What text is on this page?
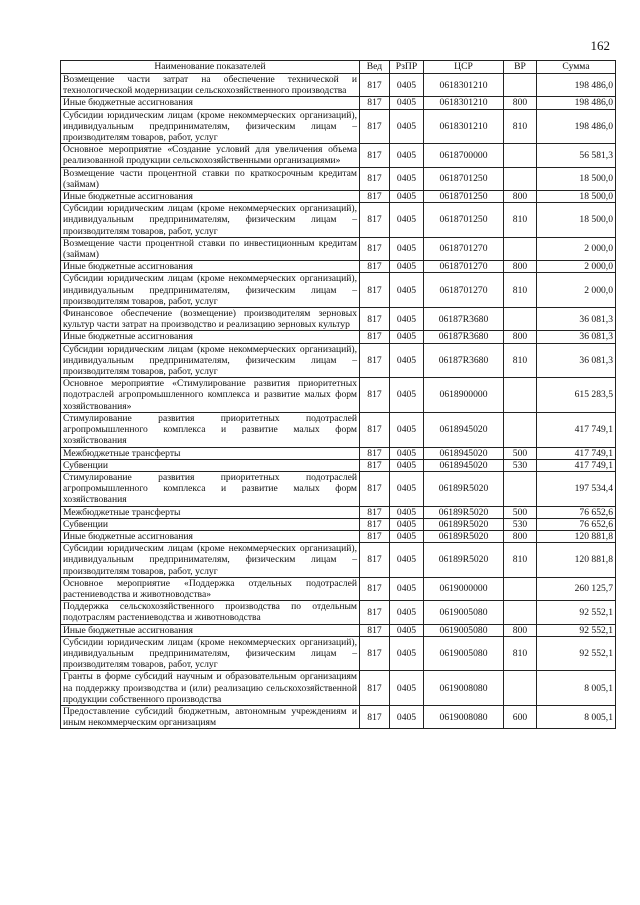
162
Наименование показателей	Вед	РзПР	ЦСР	ВР	Сумма
Возмещение части затрат на обеспечение технической и технологической модернизации сельскохозяйственного производства	817	0405	0618301210		198 486,0
Иные бюджетные ассигнования	817	0405	0618301210	800	198 486,0
Субсидии юридическим лицам (кроме некоммерческих организаций), индивидуальным предпринимателям, физическим лицам – производителям товаров, работ, услуг	817	0405	0618301210	810	198 486,0
Основное мероприятие «Создание условий для увеличения объема реализованной продукции сельскохозяйственными организациями»	817	0405	0618700000		56 581,3
Возмещение части процентной ставки по краткосрочным кредитам (займам)	817	0405	0618701250		18 500,0
Иные бюджетные ассигнования	817	0405	0618701250	800	18 500,0
Субсидии юридическим лицам (кроме некоммерческих организаций), индивидуальным предпринимателям, физическим лицам – производителям товаров, работ, услуг	817	0405	0618701250	810	18 500,0
Возмещение части процентной ставки по инвестиционным кредитам (займам)	817	0405	0618701270		2 000,0
Иные бюджетные ассигнования	817	0405	0618701270	800	2 000,0
Субсидии юридическим лицам (кроме некоммерческих организаций), индивидуальным предпринимателям, физическим лицам – производителям товаров, работ, услуг	817	0405	0618701270	810	2 000,0
Финансовое обеспечение (возмещение) производителям зерновых культур части затрат на производство и реализацию зерновых культур	817	0405	06187R3680		36 081,3
Иные бюджетные ассигнования	817	0405	06187R3680	800	36 081,3
Субсидии юридическим лицам (кроме некоммерческих организаций), индивидуальным предпринимателям, физическим лицам – производителям товаров, работ, услуг	817	0405	06187R3680	810	36 081,3
Основное мероприятие «Стимулирование развития приоритетных подотраслей агропромышленного комплекса и развитие малых форм хозяйствования»	817	0405	0618900000		615 283,5
Стимулирование развития приоритетных подотраслей агропромышленного комплекса и развитие малых форм хозяйствования	817	0405	0618945020		417 749,1
Межбюджетные трансферты	817	0405	0618945020	500	417 749,1
Субвенции	817	0405	0618945020	530	417 749,1
Стимулирование развития приоритетных подотраслей агропромышленного комплекса и развитие малых форм хозяйствования	817	0405	06189R5020		197 534,4
Межбюджетные трансферты	817	0405	06189R5020	500	76 652,6
Субвенции	817	0405	06189R5020	530	76 652,6
Иные бюджетные ассигнования	817	0405	06189R5020	800	120 881,8
Субсидии юридическим лицам (кроме некоммерческих организаций), индивидуальным предпринимателям, физическим лицам – производителям товаров, работ, услуг	817	0405	06189R5020	810	120 881,8
Основное мероприятие «Поддержка отдельных подотраслей растениеводства и животноводства»	817	0405	0619000000		260 125,7
Поддержка сельскохозяйственного производства по отдельным подотраслям растениеводства и животноводства	817	0405	0619005080		92 552,1
Иные бюджетные ассигнования	817	0405	0619005080	800	92 552,1
Субсидии юридическим лицам (кроме некоммерческих организаций), индивидуальным предпринимателям, физическим лицам – производителям товаров, работ, услуг	817	0405	0619005080	810	92 552,1
Гранты в форме субсидий научным и образовательным организациям на поддержку производства и (или) реализацию сельскохозяйственной продукции собственного производства	817	0405	0619008080		8 005,1
Предоставление субсидий бюджетным, автономным учреждениям и иным некоммерческим организациям	817	0405	0619008080	600	8 005,1
